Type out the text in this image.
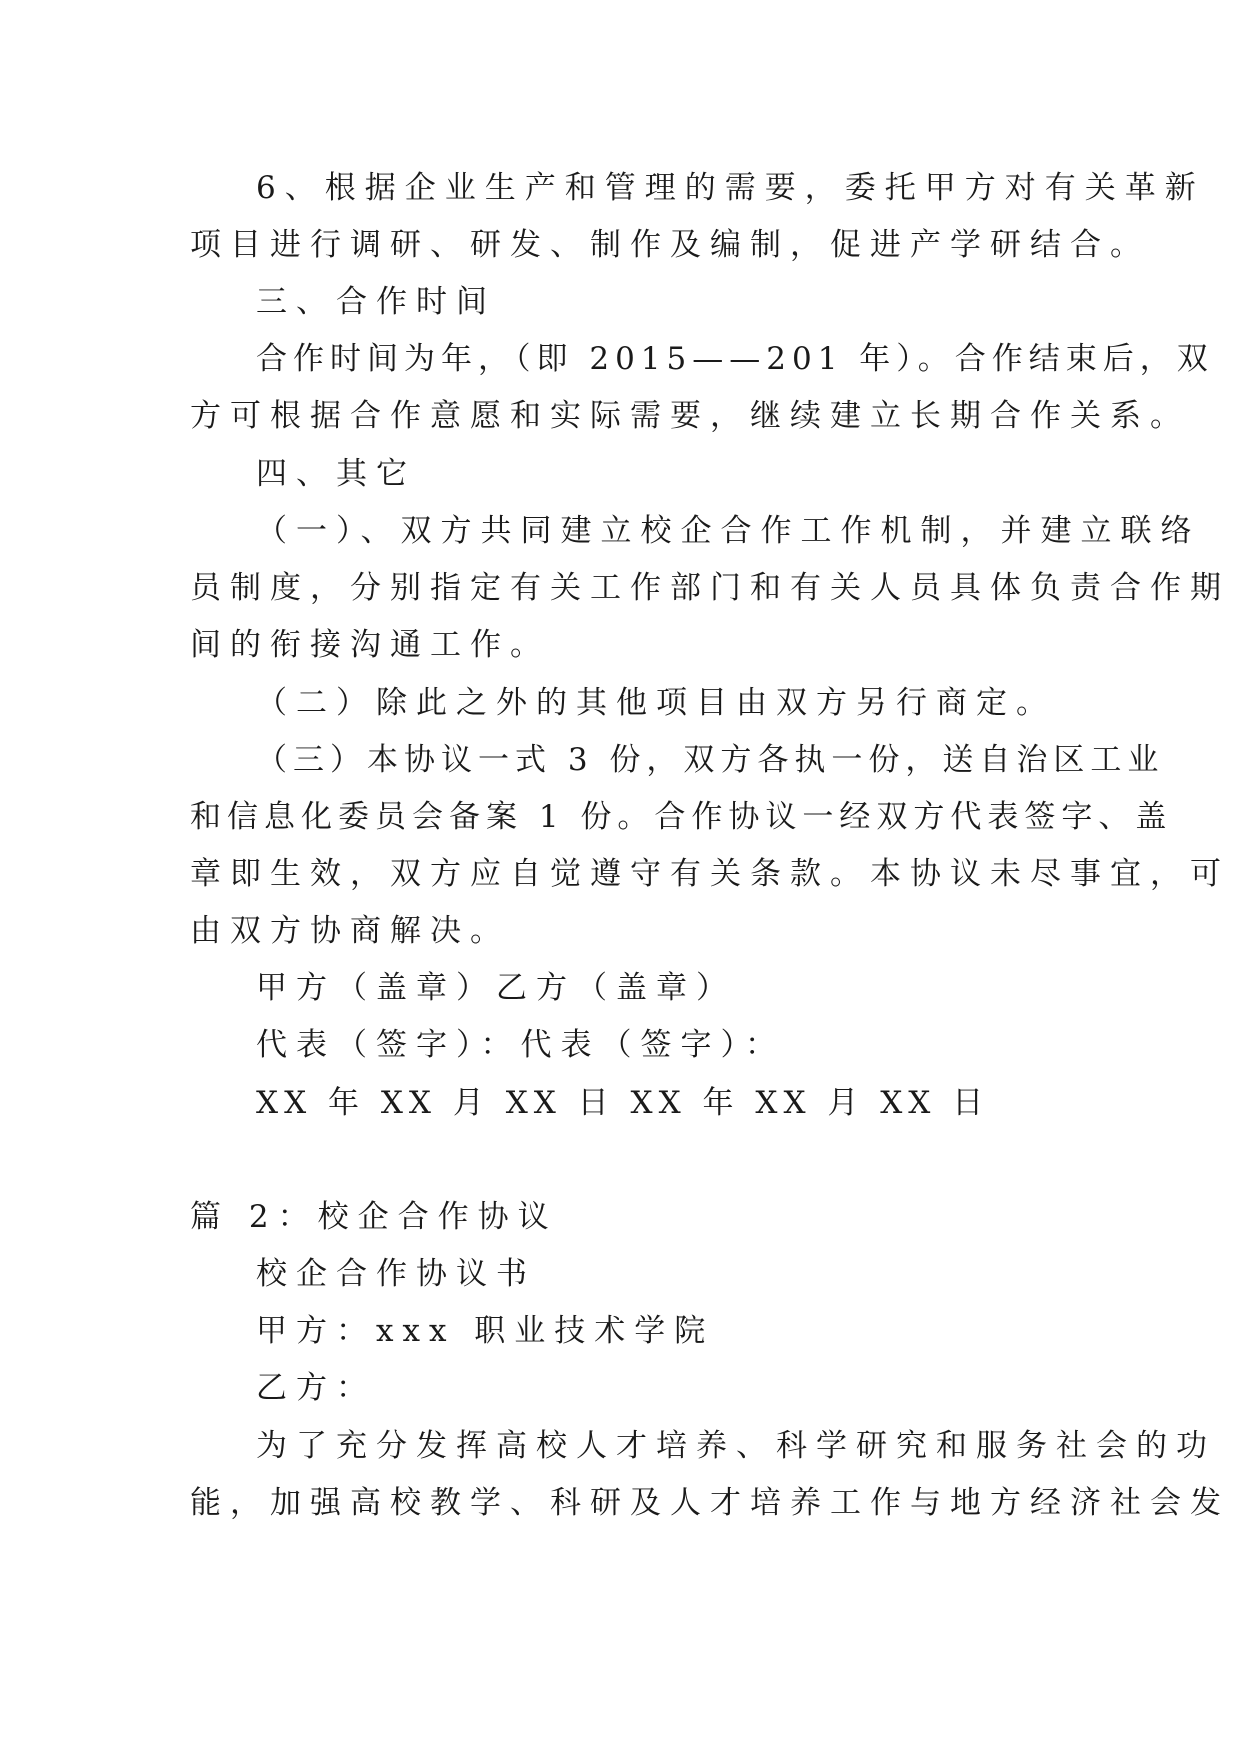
6、根据企业生产和管理的需要，委托甲方对有关革新
项目进行调研、研发、制作及编制，促进产学研结合。
三、合作时间
合作时间为年，（即 2015——201 年）。合作结束后，双
方可根据合作意愿和实际需要，继续建立长期合作关系。
四、其它
（一）、双方共同建立校企合作工作机制，并建立联络
员制度，分别指定有关工作部门和有关人员具体负责合作期
间的衔接沟通工作。
（二）除此之外的其他项目由双方另行商定。
（三）本协议一式 3 份，双方各执一份，送自治区工业
和信息化委员会备案 1 份。合作协议一经双方代表签字、盖
章即生效，双方应自觉遵守有关条款。本协议未尽事宜，可
由双方协商解决。
甲方（盖章）乙方（盖章）
代表（签字）：代表（签字）：
XX 年 XX 月 XX 日 XX 年 XX 月 XX 日
篇 2：校企合作协议
校企合作协议书
甲方：xxx 职业技术学院
乙方：
为了充分发挥高校人才培养、科学研究和服务社会的功
能，加强高校教学、科研及人才培养工作与地方经济社会发
